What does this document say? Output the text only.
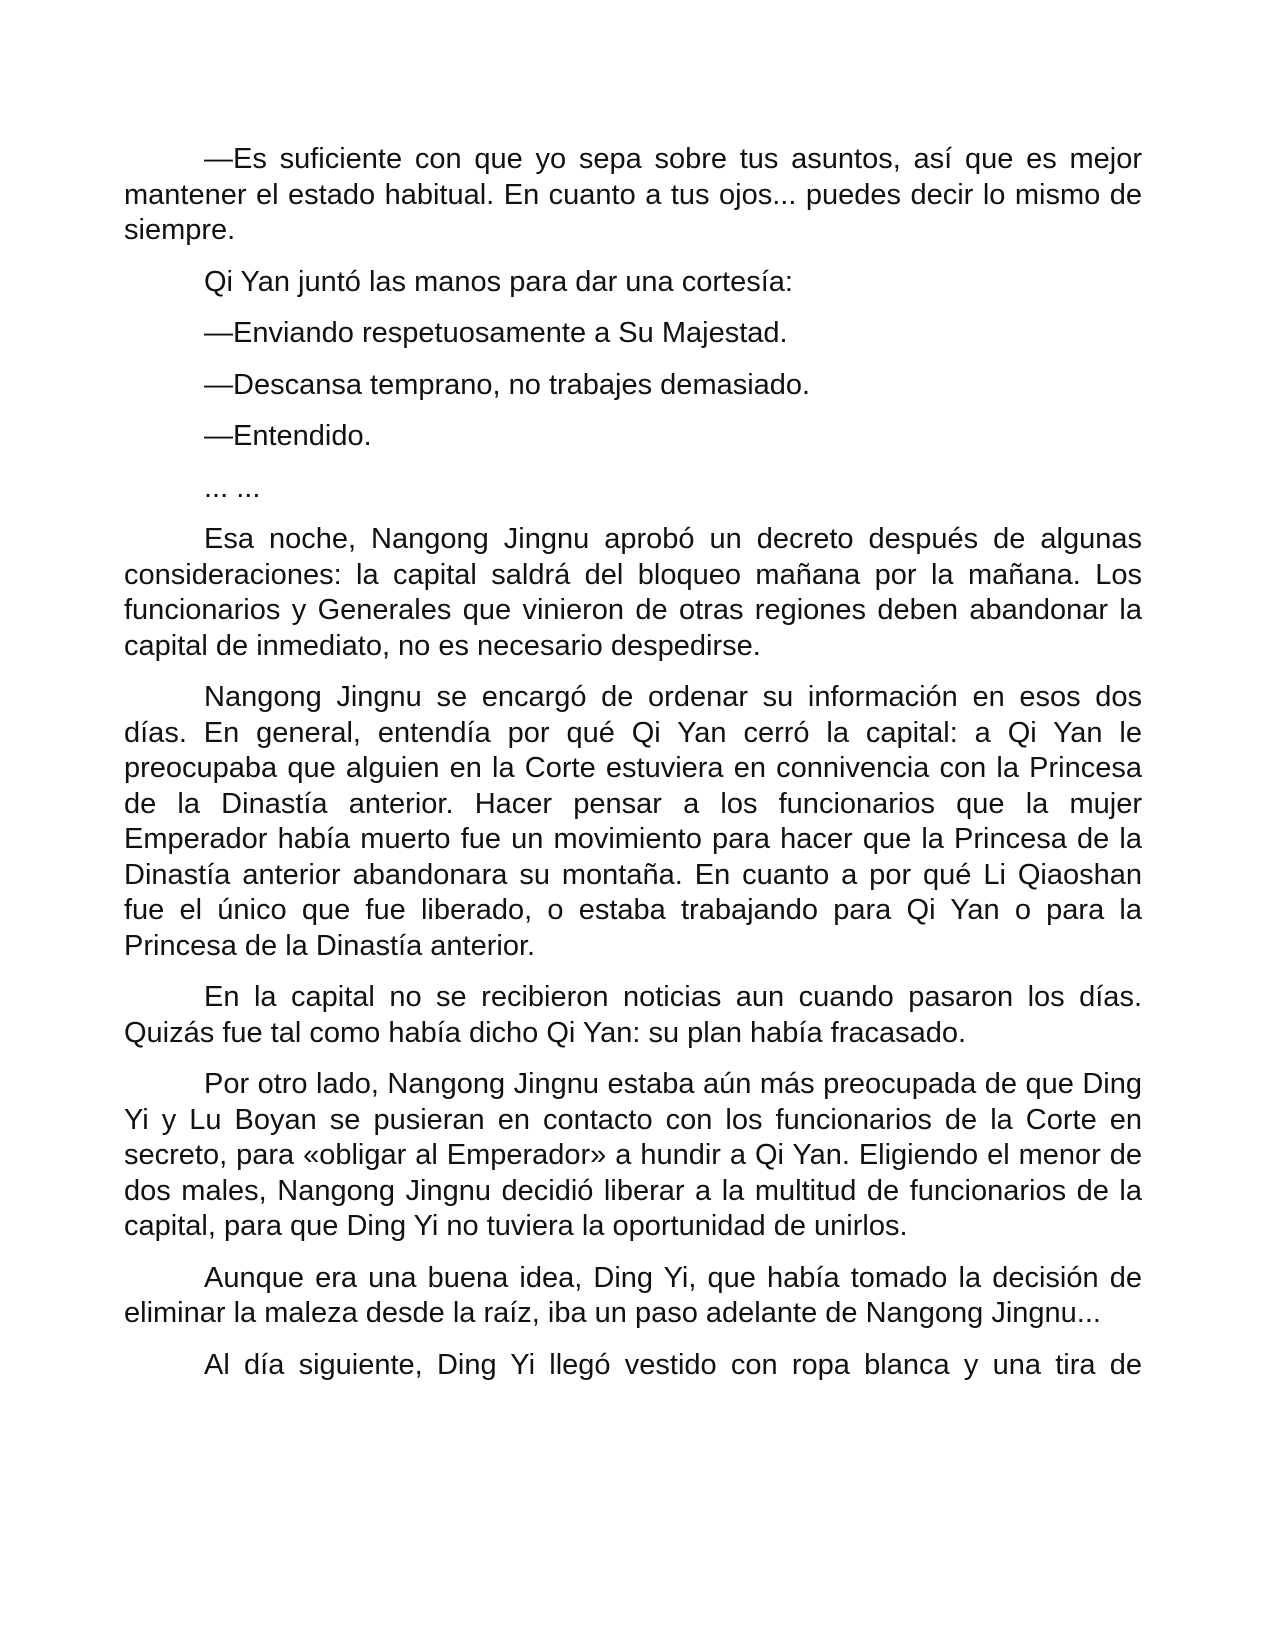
—Es suficiente con que yo sepa sobre tus asuntos, así que es mejor mantener el estado habitual. En cuanto a tus ojos... puedes decir lo mismo de siempre.

Qi Yan juntó las manos para dar una cortesía:

—Enviando respetuosamente a Su Majestad.

—Descansa temprano, no trabajes demasiado.

—Entendido.

... ...

Esa noche, Nangong Jingnu aprobó un decreto después de algunas consideraciones: la capital saldrá del bloqueo mañana por la mañana. Los funcionarios y Generales que vinieron de otras regiones deben abandonar la capital de inmediato, no es necesario despedirse.

Nangong Jingnu se encargó de ordenar su información en esos dos días. En general, entendía por qué Qi Yan cerró la capital: a Qi Yan le preocupaba que alguien en la Corte estuviera en connivencia con la Princesa de la Dinastía anterior. Hacer pensar a los funcionarios que la mujer Emperador había muerto fue un movimiento para hacer que la Princesa de la Dinastía anterior abandonara su montaña. En cuanto a por qué Li Qiaoshan fue el único que fue liberado, o estaba trabajando para Qi Yan o para la Princesa de la Dinastía anterior.

En la capital no se recibieron noticias aun cuando pasaron los días. Quizás fue tal como había dicho Qi Yan: su plan había fracasado.

Por otro lado, Nangong Jingnu estaba aún más preocupada de que Ding Yi y Lu Boyan se pusieran en contacto con los funcionarios de la Corte en secreto, para «obligar al Emperador» a hundir a Qi Yan. Eligiendo el menor de dos males, Nangong Jingnu decidió liberar a la multitud de funcionarios de la capital, para que Ding Yi no tuviera la oportunidad de unirlos.

Aunque era una buena idea, Ding Yi, que había tomado la decisión de eliminar la maleza desde la raíz, iba un paso adelante de Nangong Jingnu...

Al día siguiente, Ding Yi llegó vestido con ropa blanca y una tira de
